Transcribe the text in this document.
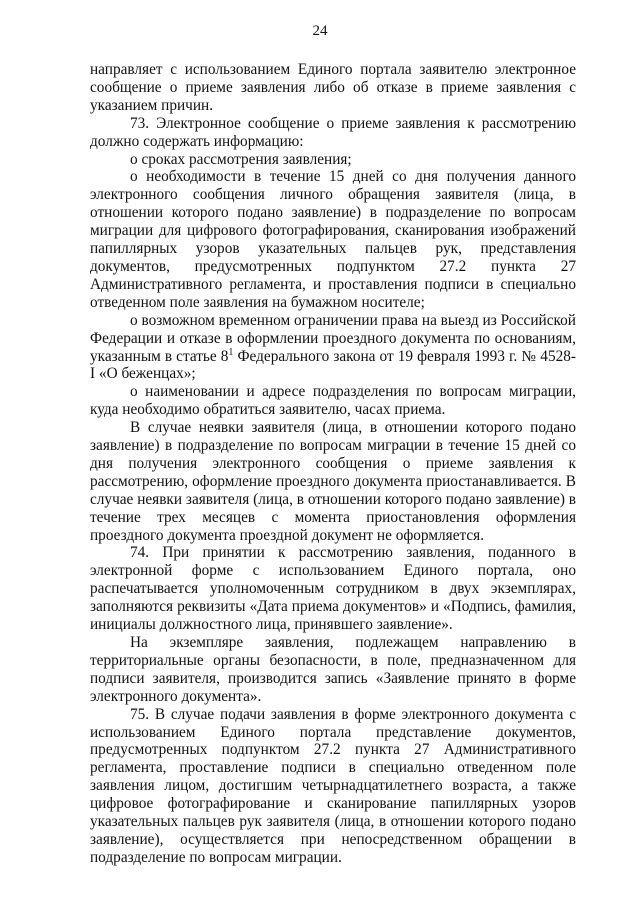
24

направляет с использованием Единого портала заявителю электронное сообщение о приеме заявления либо об отказе в приеме заявления с указанием причин.

73. Электронное сообщение о приеме заявления к рассмотрению должно содержать информацию:

о сроках рассмотрения заявления;

о необходимости в течение 15 дней со дня получения данного электронного сообщения личного обращения заявителя (лица, в отношении которого подано заявление) в подразделение по вопросам миграции для цифрового фотографирования, сканирования изображений папиллярных узоров указательных пальцев рук, представления документов, предусмотренных подпунктом 27.2 пункта 27 Административного регламента, и проставления подписи в специально отведенном поле заявления на бумажном носителе;

о возможном временном ограничении права на выезд из Российской Федерации и отказе в оформлении проездного документа по основаниям, указанным в статье $8^1$ Федерального закона от 19 февраля 1993 г. № 4528-I «О беженцах»;

о наименовании и адресе подразделения по вопросам миграции, куда необходимо обратиться заявителю, часах приема.

В случае неявки заявителя (лица, в отношении которого подано заявление) в подразделение по вопросам миграции в течение 15 дней со дня получения электронного сообщения о приеме заявления к рассмотрению, оформление проездного документа приостанавливается. В случае неявки заявителя (лица, в отношении которого подано заявление) в течение трех месяцев с момента приостановления оформления проездного документа проездной документ не оформляется.

74. При принятии к рассмотрению заявления, поданного в электронной форме с использованием Единого портала, оно распечатывается уполномоченным сотрудником в двух экземплярах, заполняются реквизиты «Дата приема документов» и «Подпись, фамилия, инициалы должностного лица, принявшего заявление».

На экземпляре заявления, подлежащем направлению в территориальные органы безопасности, в поле, предназначенном для подписи заявителя, производится запись «Заявление принято в форме электронного документа».

75. В случае подачи заявления в форме электронного документа с использованием Единого портала представление документов, предусмотренных подпунктом 27.2 пункта 27 Административного регламента, проставление подписи в специально отведенном поле заявления лицом, достигшим четырнадцатилетнего возраста, а также цифровое фотографирование и сканирование папиллярных узоров указательных пальцев рук заявителя (лица, в отношении которого подано заявление), осуществляется при непосредственном обращении в подразделение по вопросам миграции.
